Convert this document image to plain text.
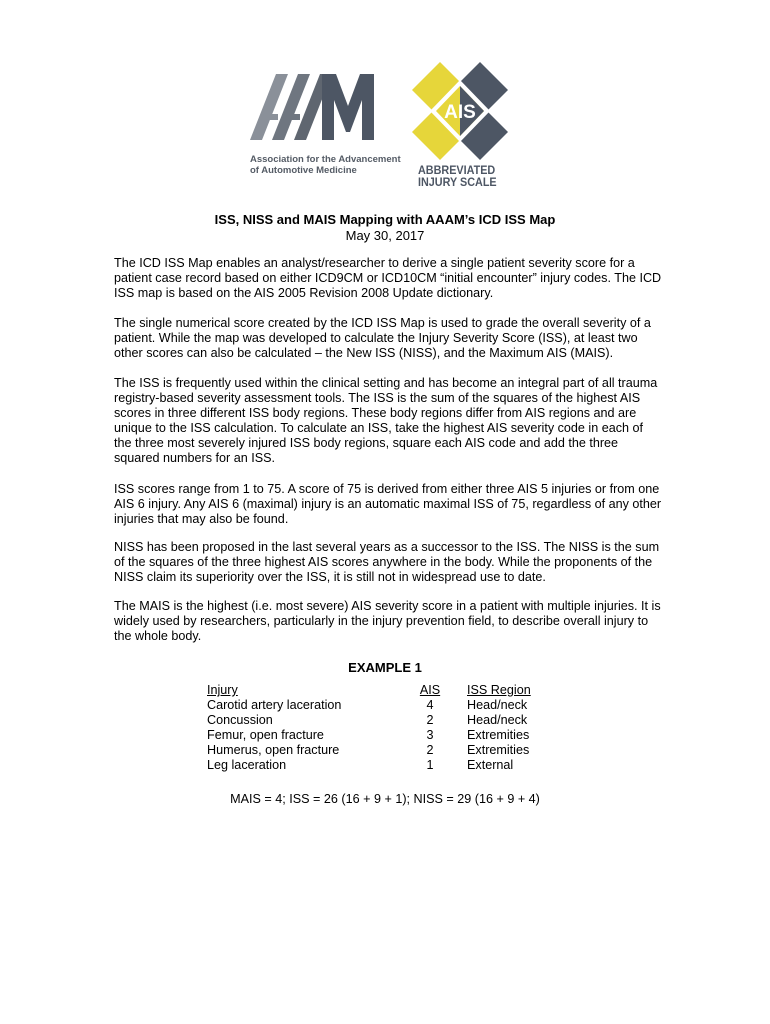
Association for the Advancement
of Automotive Medicine
AIS
ABBREVIATED
INJURY SCALE
ISS, NISS and MAIS Mapping with AAAM’s ICD ISS Map
May 30, 2017

The ICD ISS Map enables an analyst/researcher to derive a single patient severity score for a patient case record based on either ICD9CM or ICD10CM “initial encounter” injury codes. The ICD ISS map is based on the AIS 2005 Revision 2008 Update dictionary.

The single numerical score created by the ICD ISS Map is used to grade the overall severity of a patient. While the map was developed to calculate the Injury Severity Score (ISS), at least two other scores can also be calculated – the New ISS (NISS), and the Maximum AIS (MAIS).

The ISS is frequently used within the clinical setting and has become an integral part of all trauma registry-based severity assessment tools. The ISS is the sum of the squares of the highest AIS scores in three different ISS body regions. These body regions differ from AIS regions and are unique to the ISS calculation. To calculate an ISS, take the highest AIS severity code in each of the three most severely injured ISS body regions, square each AIS code and add the three squared numbers for an ISS.

ISS scores range from 1 to 75. A score of 75 is derived from either three AIS 5 injuries or from one AIS 6 injury. Any AIS 6 (maximal) injury is an automatic maximal ISS of 75, regardless of any other injuries that may also be found.

NISS has been proposed in the last several years as a successor to the ISS. The NISS is the sum of the squares of the three highest AIS scores anywhere in the body. While the proponents of the NISS claim its superiority over the ISS, it is still not in widespread use to date.

The MAIS is the highest (i.e. most severe) AIS severity score in a patient with multiple injuries. It is widely used by researchers, particularly in the injury prevention field, to describe overall injury to the whole body.

EXAMPLE 1
Injury	AIS ISS Region
Carotid artery laceration	4	Head/neck
Concussion	2	Head/neck
Femur, open fracture	3	Extremities
Humerus, open fracture	2	Extremities
Leg laceration	1	External
MAIS = 4; ISS = 26 (16 + 9 + 1); NISS = 29 (16 + 9 + 4)
